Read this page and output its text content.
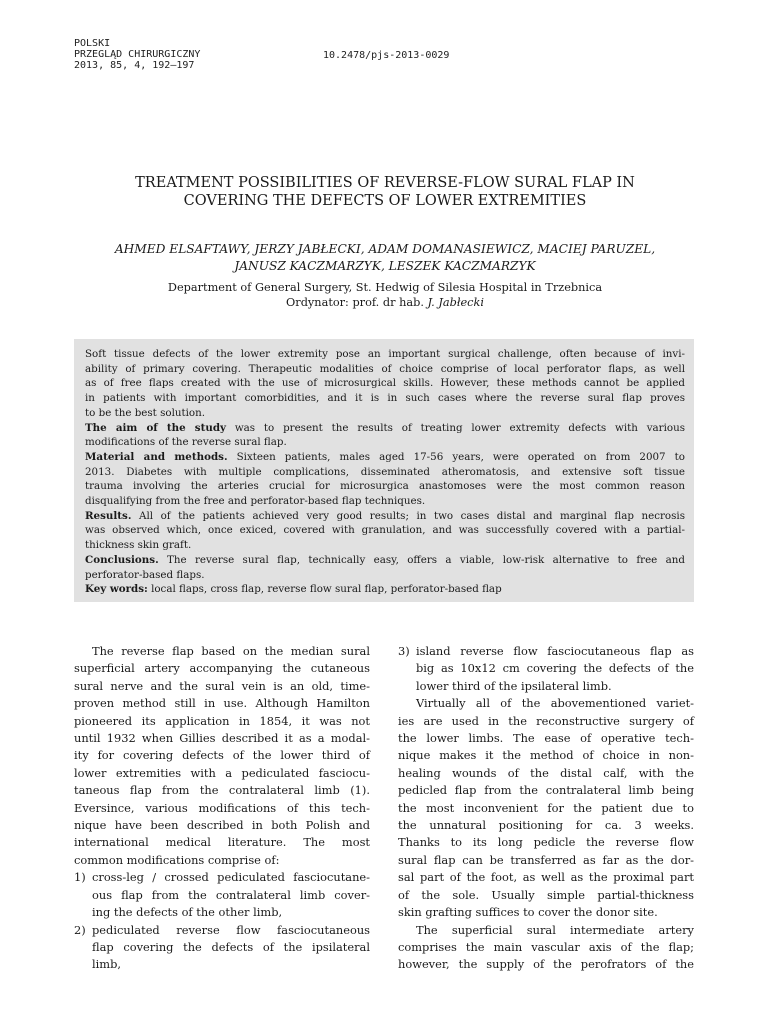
POLSKI
PRZEGLĄD CHIRURGICZNY
2013, 85, 4, 192–197
10.2478/pjs-2013-0029
TREATMENT POSSIBILITIES OF REVERSE-FLOW SURAL FLAP IN
COVERING THE DEFECTS OF LOWER EXTREMITIES
AHMED ELSAFTAWY, JERZY JABŁECKI, ADAM DOMANASIEWICZ, MACIEJ PARUZEL,
JANUSZ KACZMARZYK, LESZEK KACZMARZYK
Department of General Surgery, St. Hedwig of Silesia Hospital in Trzebnica
Ordynator: prof. dr hab. J. Jabłecki
Soft tissue defects of the lower extremity pose an important surgical challenge, often because of invi-
ability of primary covering. Therapeutic modalities of choice comprise of local perforator flaps, as well
as of free flaps created with the use of microsurgical skills. However, these methods cannot be applied
in patients with important comorbidities, and it is in such cases where the reverse sural flap proves
to be the best solution.
The aim of the study was to present the results of treating lower extremity defects with various
modifications of the reverse sural flap.
Material and methods. Sixteen patients, males aged 17-56 years, were operated on from 2007 to
2013. Diabetes with multiple complications, disseminated atheromatosis, and extensive soft tissue
trauma involving the arteries crucial for microsurgica anastomoses were the most common reason
disqualifying from the free and perforator-based flap techniques.
Results. All of the patients achieved very good results; in two cases distal and marginal flap necrosis
was observed which, once exiced, covered with granulation, and was successfully covered with a partial-
thickness skin graft.
Conclusions. The reverse sural flap, technically easy, offers a viable, low-risk alternative to free and
perforator-based flaps.
Key words: local flaps, cross flap, reverse flow sural flap, perforator-based flap
The reverse flap based on the median sural
superficial artery accompanying the cutaneous
sural nerve and the sural vein is an old, time-
proven method still in use. Although Hamilton
pioneered its application in 1854, it was not
until 1932 when Gillies described it as a modal-
ity for covering defects of the lower third of
lower extremities with a pediculated fasciocu-
taneous flap from the contralateral limb (1).
Eversince, various modifications of this tech-
nique have been described in both Polish and
international medical literature. The most
common modifications comprise of:
1) cross-leg / crossed pediculated fasciocutane-
ous flap from the contralateral limb cover-
ing the defects of the other limb,
2) pediculated reverse flow fasciocutaneous
flap covering the defects of the ipsilateral
limb,
3) island reverse flow fasciocutaneous flap as
big as 10x12 cm covering the defects of the
lower third of the ipsilateral limb.
Virtually all of the abovementioned variet-
ies are used in the reconstructive surgery of
the lower limbs. The ease of operative tech-
nique makes it the method of choice in non-
healing wounds of the distal calf, with the
pedicled flap from the contralateral limb being
the most inconvenient for the patient due to
the unnatural positioning for ca. 3 weeks.
Thanks to its long pedicle the reverse flow
sural flap can be transferred as far as the dor-
sal part of the foot, as well as the proximal part
of the sole. Usually simple partial-thickness
skin grafting suffices to cover the donor site.
The superficial sural intermediate artery
comprises the main vascular axis of the flap;
however, the supply of the perofrators of the
